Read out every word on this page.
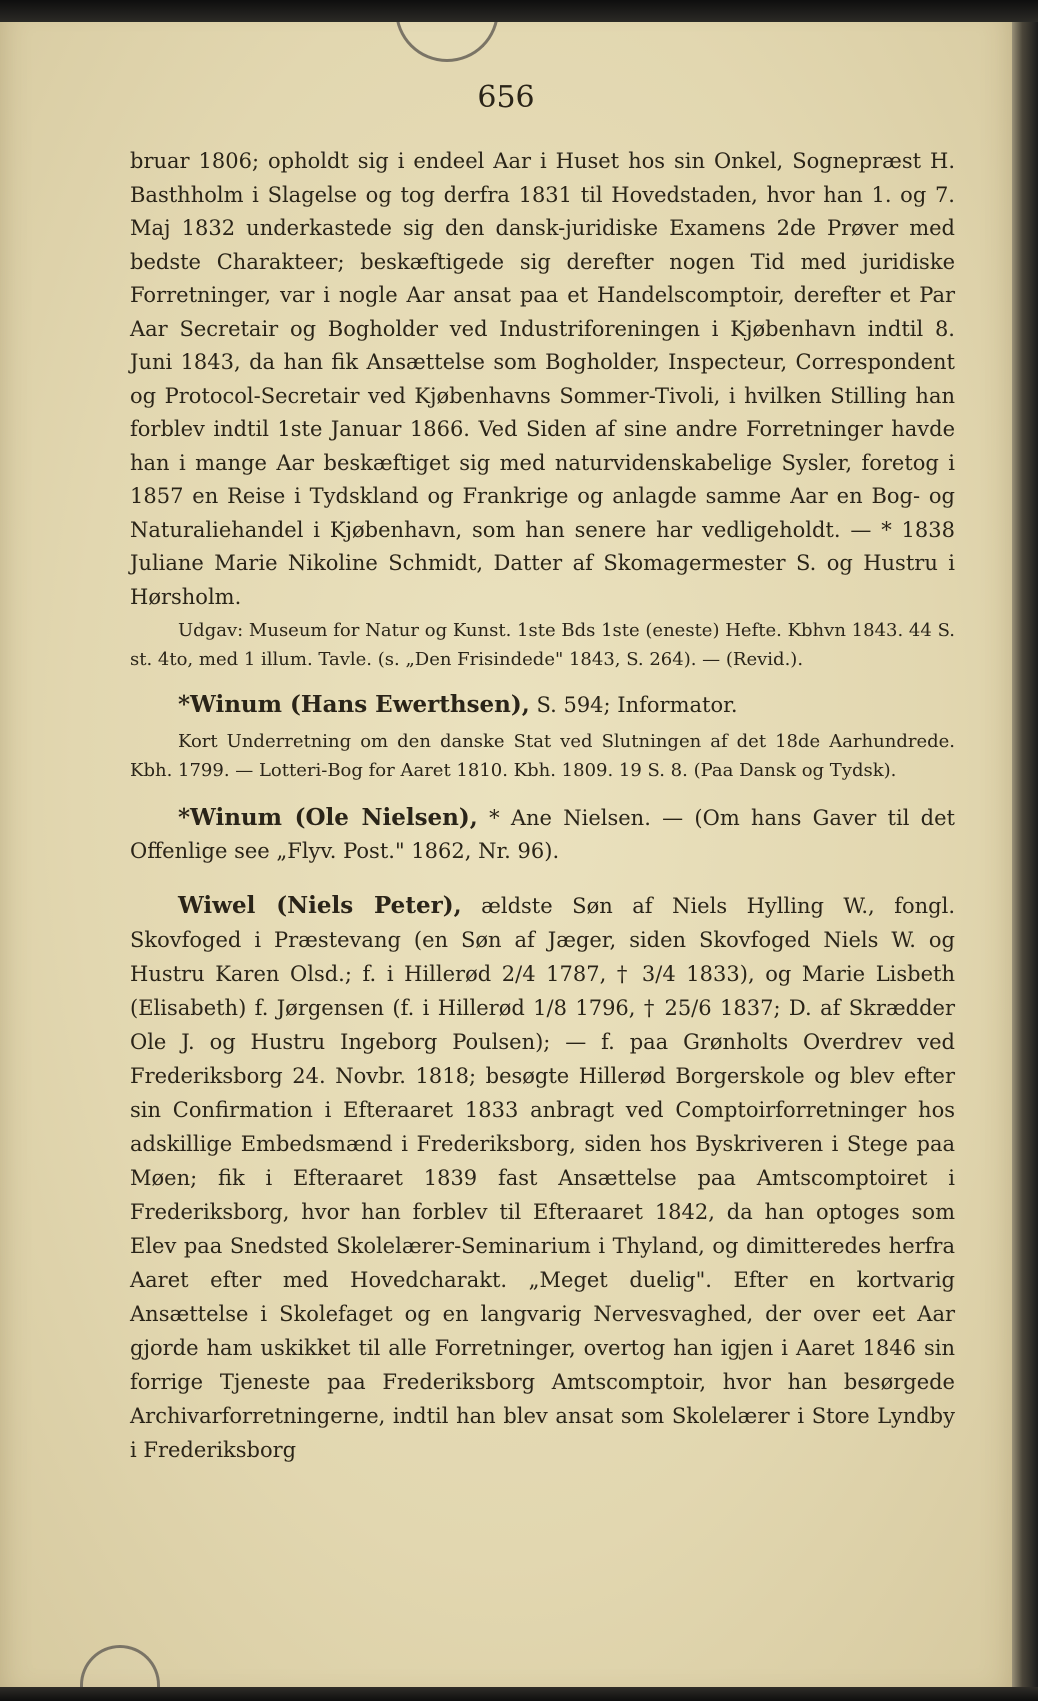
656

bruar 1806; opholdt sig i endeel Aar i Huset hos sin Onkel, Sognepræst H. Basthholm i Slagelse og tog derfra 1831 til Hovedstaden, hvor han 1. og 7. Maj 1832 underkastede sig den dansk-juridiske Examens 2de Prøver med bedste Charakteer; beskæftigede sig derefter nogen Tid med juridiske Forretninger, var i nogle Aar ansat paa et Handelscomptoir, derefter et Par Aar Secretair og Bogholder ved Industriforeningen i Kjøbenhavn indtil 8. Juni 1843, da han fik Ansættelse som Bogholder, Inspecteur, Correspondent og Protocol-Secretair ved Kjøbenhavns Sommer-Tivoli, i hvilken Stilling han forblev indtil 1ste Januar 1866. Ved Siden af sine andre Forretninger havde han i mange Aar beskæftiget sig med naturvidenskabelige Sysler, foretog i 1857 en Reise i Tydskland og Frankrige og anlagde samme Aar en Bog- og Naturaliehandel i Kjøbenhavn, som han senere har vedligeholdt. — * 1838 Juliane Marie Nikoline Schmidt, Datter af Skomagermester S. og Hustru i Hørsholm.

Udgav: Museum for Natur og Kunst. 1ste Bds 1ste (eneste) Hefte. Kbhvn 1843. 44 S. st. 4to, med 1 illum. Tavle. (s. „Den Frisindede" 1843, S. 264). — (Revid.).

*Winum (Hans Ewerthsen), S. 594; Informator.

Kort Underretning om den danske Stat ved Slutningen af det 18de Aarhundrede. Kbh. 1799. — Lotteri-Bog for Aaret 1810. Kbh. 1809. 19 S. 8. (Paa Dansk og Tydsk).

*Winum (Ole Nielsen), * Ane Nielsen. — (Om hans Gaver til det Offenlige see „Flyv. Post." 1862, Nr. 96).

Wiwel (Niels Peter), ældste Søn af Niels Hylling W., fongl. Skovfoged i Præstevang (en Søn af Jæger, siden Skovfoged Niels W. og Hustru Karen Olsd.; f. i Hillerød 2/4 1787, † 3/4 1833), og Marie Lisbeth (Elisabeth) f. Jørgensen (f. i Hillerød 1/8 1796, † 25/6 1837; D. af Skrædder Ole J. og Hustru Ingeborg Poulsen); — f. paa Grønholts Overdrev ved Frederiksborg 24. Novbr. 1818; besøgte Hillerød Borgerskole og blev efter sin Confirmation i Efteraaret 1833 anbragt ved Comptoirforretninger hos adskillige Embedsmænd i Frederiksborg, siden hos Byskriveren i Stege paa Møen; fik i Efteraaret 1839 fast Ansættelse paa Amtscomptoiret i Frederiksborg, hvor han forblev til Efteraaret 1842, da han optoges som Elev paa Snedsted Skolelærer-Seminarium i Thyland, og dimitteredes herfra Aaret efter med Hovedcharakt. „Meget duelig". Efter en kortvarig Ansættelse i Skolefaget og en langvarig Nervesvaghed, der over eet Aar gjorde ham uskikket til alle Forretninger, overtog han igjen i Aaret 1846 sin forrige Tjeneste paa Frederiksborg Amtscomptoir, hvor han besørgede Archivarforretningerne, indtil han blev ansat som Skolelærer i Store Lyndby i Frederiksborg
